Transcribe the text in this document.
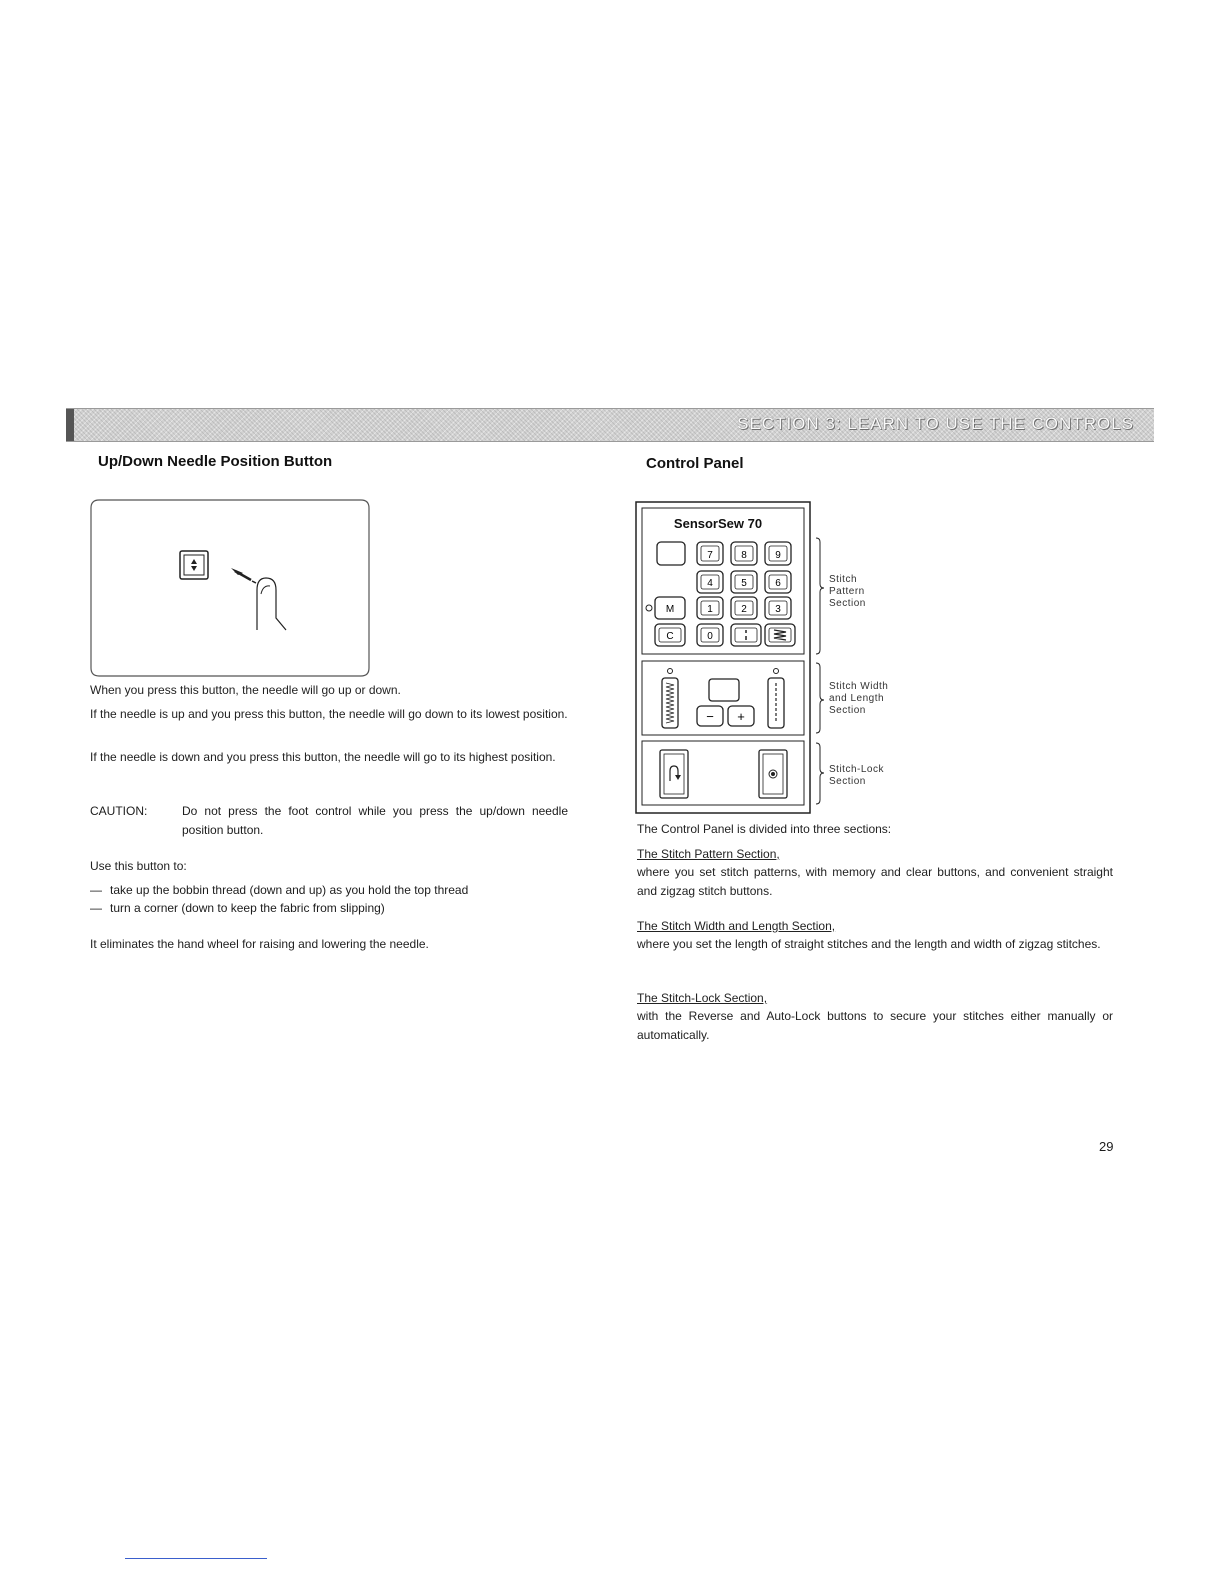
SECTION 3: LEARN TO USE THE CONTROLS
Up/Down Needle Position Button

When you press this button, the needle will go up or down.

If the needle is up and you press this button, the needle will go down to its lowest position.

If the needle is down and you press this button, the needle will go to its highest position.

CAUTION:	Do not press the foot control while you press the up/down needle position button.

Use this button to:

— take up the bobbin thread (down and up) as you hold the top thread
— turn a corner (down to keep the fabric from slipping)

It eliminates the hand wheel for raising and lowering the needle.

Control Panel
SensorSew 70
7	8	9
4	5	6
M	1	2	3
C	0
− +
Stitch
Pattern
Section
Stitch Width
and Length
Section
Stitch-Lock
Section

The Control Panel is divided into three sections:

The Stitch Pattern Section,

where you set stitch patterns, with memory and clear buttons, and convenient straight and zigzag stitch buttons.

The Stitch Width and Length Section,

where you set the length of straight stitches and the length and width of zigzag stitches.

The Stitch-Lock Section,

with the Reverse and Auto-Lock buttons to secure your stitches either manually or automatically.

29
